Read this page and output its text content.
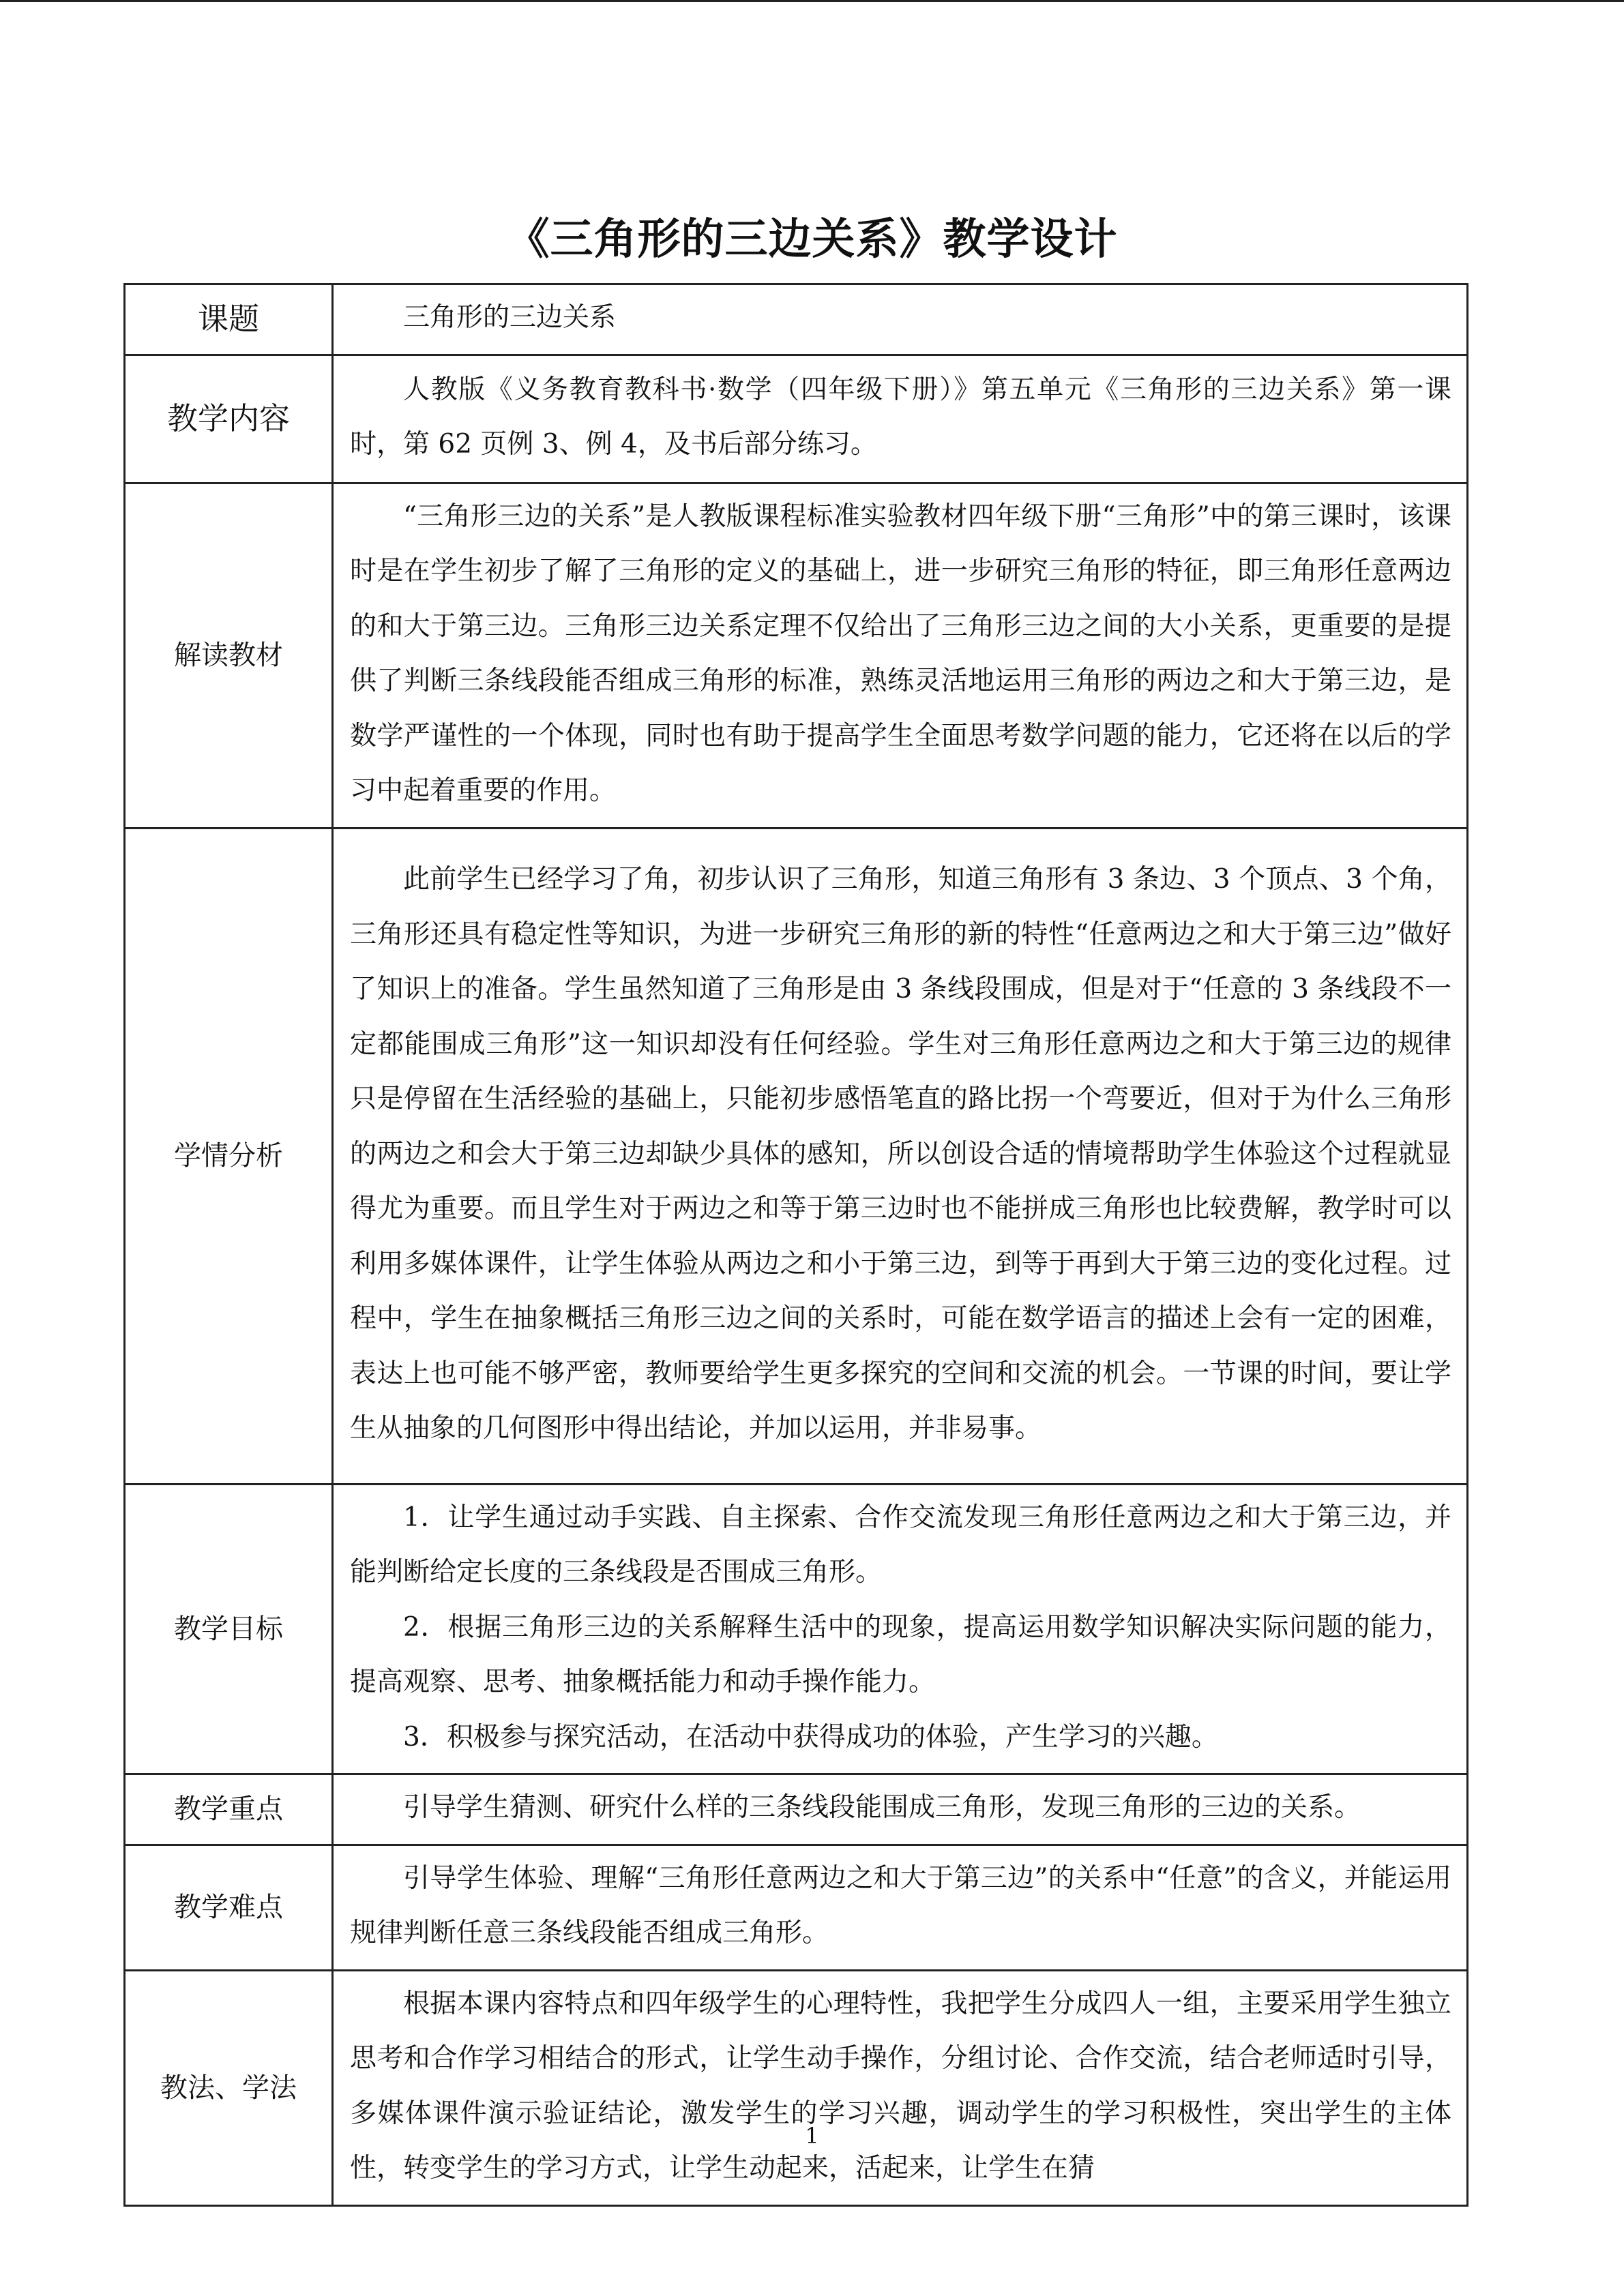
《三角形的三边关系》教学设计
课题	三角形的三边关系
教学内容	人教版《义务教育教科书·数学（四年级下册）》第五单元《三角形的三边关系》第一课时，第 62 页例 3、例 4，及书后部分练习。
解读教材	“三角形三边的关系”是人教版课程标准实验教材四年级下册“三角形”中的第三课时，该课时是在学生初步了解了三角形的定义的基础上，进一步研究三角形的特征，即三角形任意两边的和大于第三边。三角形三边关系定理不仅给出了三角形三边之间的大小关系，更重要的是提供了判断三条线段能否组成三角形的标准，熟练灵活地运用三角形的两边之和大于第三边，是数学严谨性的一个体现，同时也有助于提高学生全面思考数学问题的能力，它还将在以后的学习中起着重要的作用。
学情分析	此前学生已经学习了角，初步认识了三角形，知道三角形有 3 条边、3 个顶点、3 个角，三角形还具有稳定性等知识，为进一步研究三角形的新的特性“任意两边之和大于第三边”做好了知识上的准备。学生虽然知道了三角形是由 3 条线段围成，但是对于“任意的 3 条线段不一定都能围成三角形”这一知识却没有任何经验。学生对三角形任意两边之和大于第三边的规律只是停留在生活经验的基础上，只能初步感悟笔直的路比拐一个弯要近，但对于为什么三角形的两边之和会大于第三边却缺少具体的感知，所以创设合适的情境帮助学生体验这个过程就显得尤为重要。而且学生对于两边之和等于第三边时也不能拼成三角形也比较费解，教学时可以利用多媒体课件，让学生体验从两边之和小于第三边，到等于再到大于第三边的变化过程。过程中，学生在抽象概括三角形三边之间的关系时，可能在数学语言的描述上会有一定的困难，表达上也可能不够严密，教师要给学生更多探究的空间和交流的机会。一节课的时间，要让学生从抽象的几何图形中得出结论，并加以运用，并非易事。
教学目标	1．让学生通过动手实践、自主探索、合作交流发现三角形任意两边之和大于第三边，并能判断给定长度的三条线段是否围成三角形。
2．根据三角形三边的关系解释生活中的现象，提高运用数学知识解决实际问题的能力，提高观察、思考、抽象概括能力和动手操作能力。
3．积极参与探究活动，在活动中获得成功的体验，产生学习的兴趣。

教学重点	引导学生猜测、研究什么样的三条线段能围成三角形，发现三角形的三边的关系。
教学难点	引导学生体验、理解“三角形任意两边之和大于第三边”的关系中“任意”的含义，并能运用规律判断任意三条线段能否组成三角形。
教法、学法	根据本课内容特点和四年级学生的心理特性，我把学生分成四人一组，主要采用学生独立思考和合作学习相结合的形式，让学生动手操作，分组讨论、合作交流，结合老师适时引导，多媒体课件演示验证结论，激发学生的学习兴趣，调动学生的学习积极性，突出学生的主体性，转变学生的学习方式，让学生动起来，活起来，让学生在猜
1
